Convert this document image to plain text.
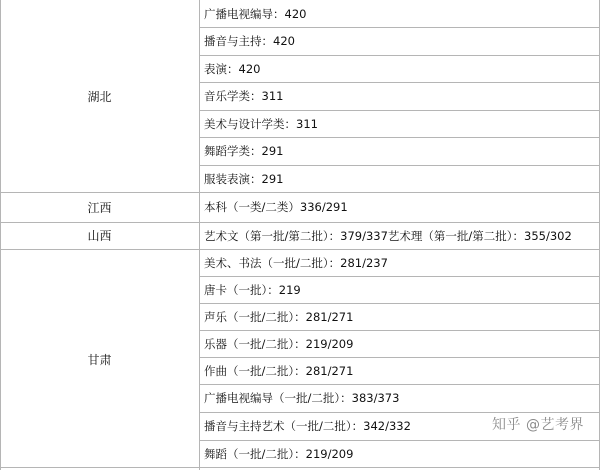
湖北
广播电视编导：420
播音与主持：420
表演：420
音乐学类：311
美术与设计学类：311
舞蹈学类：291
服装表演：291
江西	本科（一类/二类）336/291
山西	艺术文（第一批/第二批）：379/337艺术理（第一批/第二批）：355/302
甘肃
美术、书法（一批/二批）：281/237
唐卡（一批）：219
声乐（一批/二批）：281/271
乐器（一批/二批）：219/209
作曲（一批/二批）：281/271
广播电视编导（一批/二批）：383/373
播音与主持艺术（一批/二批）：342/332
舞蹈（一批/二批）：219/209
知乎 @艺考界
